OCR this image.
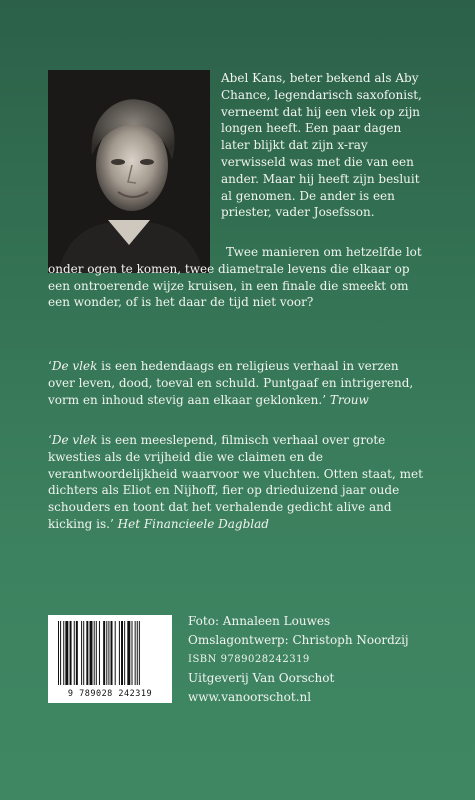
Abel Kans, beter bekend als Aby Chance, legendarisch saxofonist, verneemt dat hij een vlek op zijn longen heeft. Een paar dagen later blijkt dat zijn x-ray verwisseld was met die van een ander. Maar hij heeft zijn besluit al genomen. De ander is een priester, vader Josefsson.

Twee manieren om hetzelfde lot onder ogen te komen, twee diametrale levens die elkaar op een ontroerende wijze kruisen, in een finale die smeekt om een wonder, of is het daar de tijd niet voor?

‘De vlek is een hedendaags en religieus verhaal in verzen over leven, dood, toeval en schuld. Puntgaaf en intrigerend, vorm en inhoud stevig aan elkaar geklonken.’ Trouw

‘De vlek is een meeslepend, filmisch verhaal over grote kwesties als de vrijheid die we claimen en de verantwoordelijkheid waarvoor we vluchten. Otten staat, met dichters als Eliot en Nijhoff, fier op drieduizend jaar oude schouders en toont dat het verhalende gedicht alive and kicking is.’ Het Financieele Dagblad

9 789028 242319
Foto: Annaleen Louwes
Omslagontwerp: Christoph Noordzij
ISBN 9789028242319
Uitgeverij Van Oorschot
www.vanoorschot.nl
